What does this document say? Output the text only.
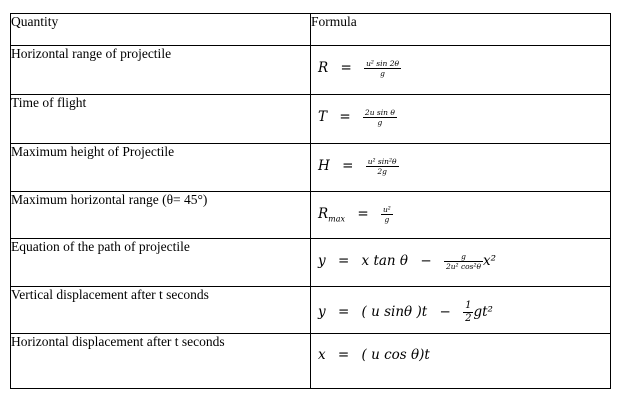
Quantity	Formula
Horizontal range of projectile	$R = \frac{\text{u² sin 2θ}}{g}$

Time of flight	$T = \frac{\text{2u sin θ}}{g}$

Maximum height of Projectile	$H = \frac{\text{u² sin²θ}}{2g}$

Maximum horizontal range (θ= 45°)	$R_{max} = \frac{\text{u²}}{g}$

Equation of the path of projectile	y = x $\tan \theta - \frac{g}{\text{2u² cos²θ}} x^2$

Vertical displacement after t seconds	y = ( u sinθ )$t - \frac{1}{2} gt^2$

Horizontal displacement after t seconds	x = ( u cos θ)t
